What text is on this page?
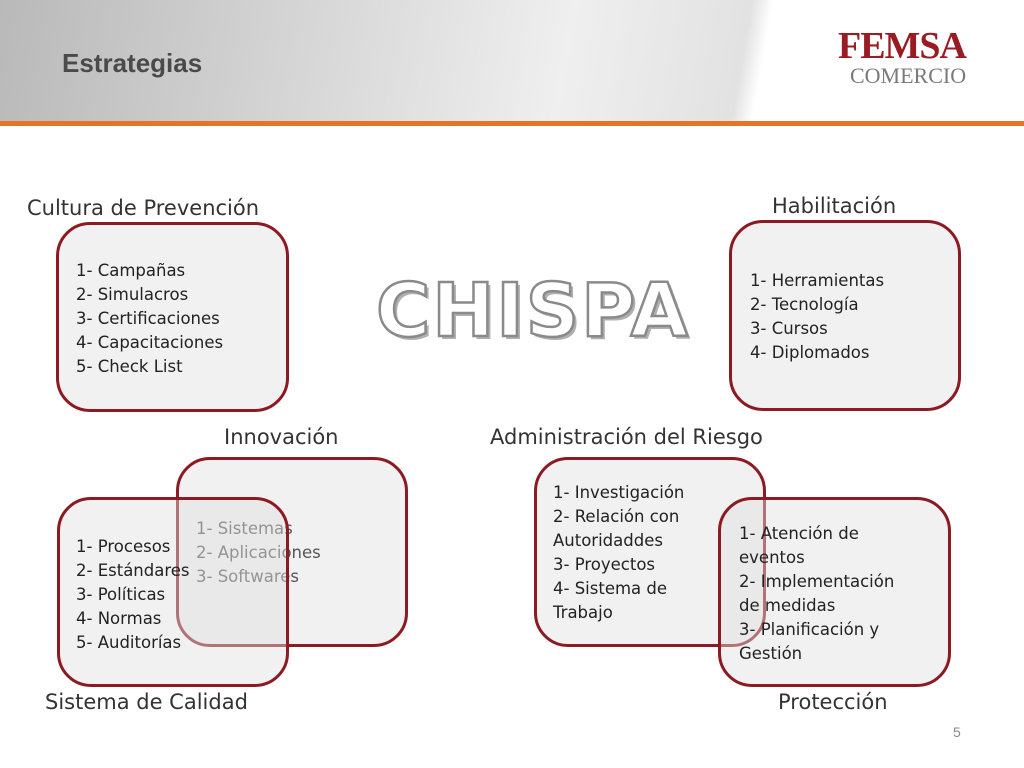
Estrategias	FEMSA
COMERCIO
Cultura de Prevención	Habilitación
Innovación	Administración del Riesgo
Sistema de Calidad	Protección
1- Campañas
2- Simulacros
3- Certificaciones
4- Capacitaciones
5- Check List
1- Herramientas
2- Tecnología
3- Cursos
4- Diplomados
CHISPA
1- Sistemas
2- Aplicaciones
3- Softwares
1- Procesos
2- Estándares
3- Políticas
4- Normas
5- Auditorías
1- Investigación
2- Relación con
Autoridaddes
3- Proyectos
4- Sistema de
Trabajo
1- Atención de
eventos
2- Implementación
de medidas
3- Planificación y
Gestión
5
